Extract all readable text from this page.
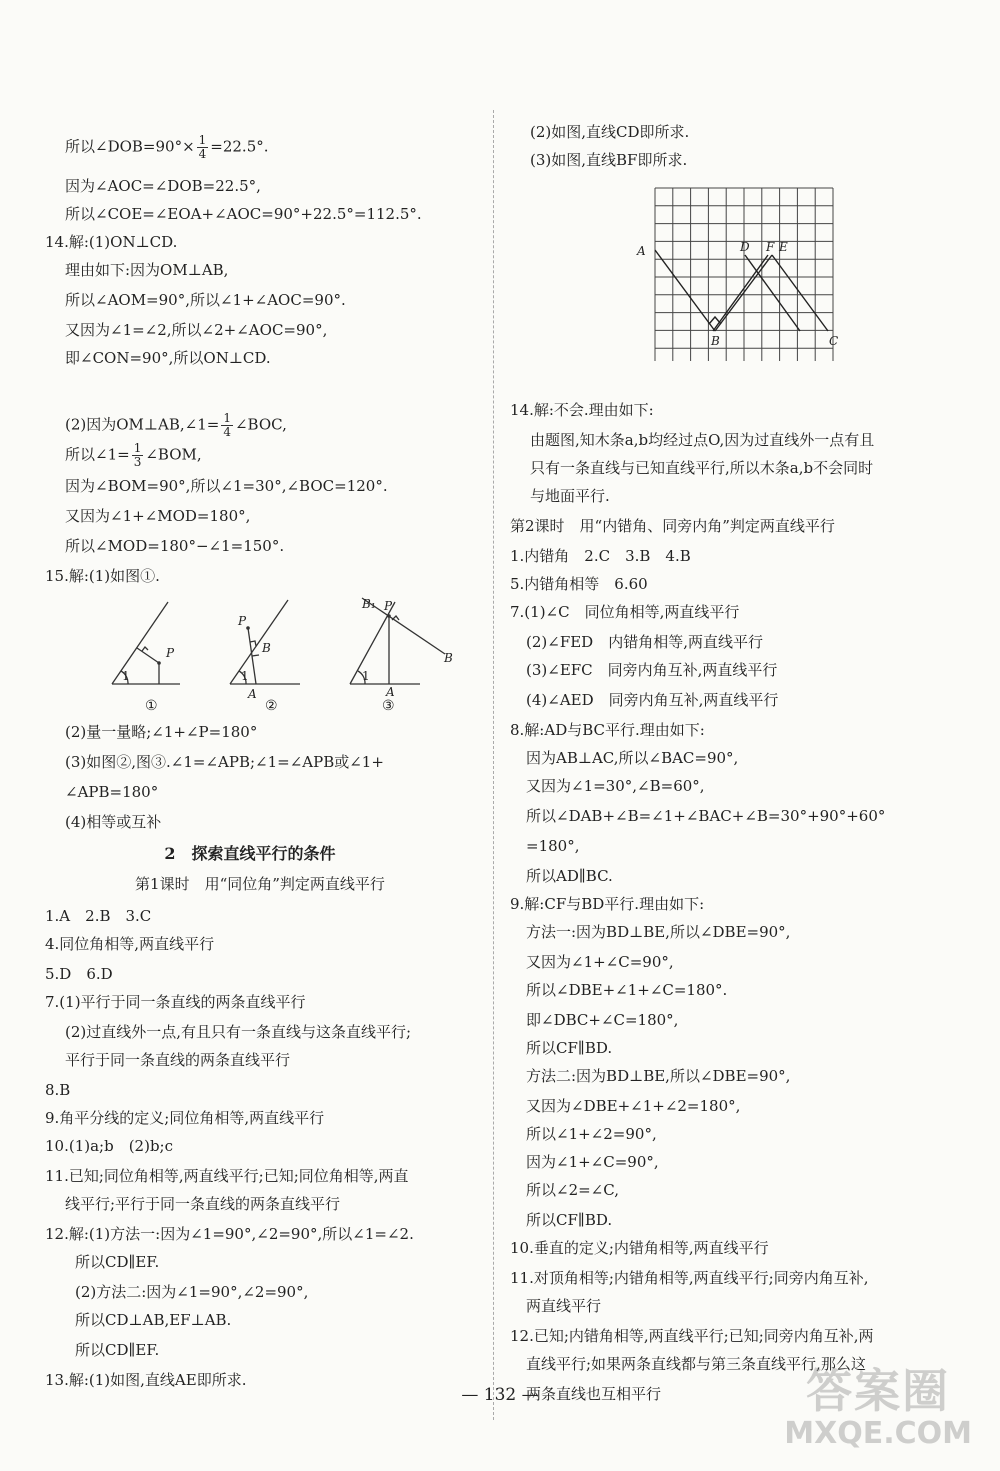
所以∠DOB=90°× $\frac{1}{4} =22.5^\circ$.
因为∠AOC=∠DOB=22.5°,
所以∠COE=∠EOA+∠AOC=90°+22.5°=112.5°.
14.解:(1)ON⊥CD.
理由如下:因为OM⊥AB,
所以∠AOM=90°,所以∠1+∠AOC=90°.
又因为∠1=∠2,所以∠2+∠AOC=90°,
即∠CON=90°,所以ON⊥CD.
(2)因为OM⊥AB,∠1= $\frac{1}{4}$ ∠BOC,
所以∠1= $\frac{1}{3}$ ∠BOM,
因为∠BOM=90°,所以∠1=30°,∠BOC=120°.
又因为∠1+∠MOD=180°,
所以∠MOD=180°−∠1=150°.
15.解:(1)如图①.
P
1
①
P
B
1
A
②
B₁ P
B
1
A
③
(2)量一量略;∠1+∠P=180°
(3)如图②,图③.∠1=∠APB;∠1=∠APB或∠1+
∠APB=180°
(4)相等或互补
2　探索直线平行的条件
第1课时　用“同位角”判定两直线平行
1.A　2.B　3.C
4.同位角相等,两直线平行
5.D　6.D
7.(1)平行于同一条直线的两条直线平行
(2)过直线外一点,有且只有一条直线与这条直线平行;
平行于同一条直线的两条直线平行
8.B
9.角平分线的定义;同位角相等,两直线平行
10.(1)a;b　(2)b;c
11.已知;同位角相等,两直线平行;已知;同位角相等,两直
线平行;平行于同一条直线的两条直线平行
12.解:(1)方法一:因为∠1=90°,∠2=90°,所以∠1=∠2.
所以CD∥EF.
(2)方法二:因为∠1=90°,∠2=90°,
所以CD⊥AB,EF⊥AB.
所以CD∥EF.
13.解:(1)如图,直线AE即所求.
(2)如图,直线CD即所求.
(3)如图,直线BF即所求.
A	D F E
B	C
14.解:不会.理由如下:
由题图,知木条a,b均经过点O,因为过直线外一点有且
只有一条直线与已知直线平行,所以木条a,b不会同时
与地面平行.
第2课时　用“内错角、同旁内角”判定两直线平行
1.内错角　2.C　3.B　4.B
5.内错角相等　6.60
7.(1)∠C　同位角相等,两直线平行
(2)∠FED　内错角相等,两直线平行
(3)∠EFC　同旁内角互补,两直线平行
(4)∠AED　同旁内角互补,两直线平行
8.解:AD与BC平行.理由如下:
因为AB⊥AC,所以∠BAC=90°,
又因为∠1=30°,∠B=60°,
所以∠DAB+∠B=∠1+∠BAC+∠B=30°+90°+60°
=180°,
所以AD∥BC.
9.解:CF与BD平行.理由如下:
方法一:因为BD⊥BE,所以∠DBE=90°,
又因为∠1+∠C=90°,
所以∠DBE+∠1+∠C=180°.
即∠DBC+∠C=180°,
所以CF∥BD.
方法二:因为BD⊥BE,所以∠DBE=90°,
又因为∠DBE+∠1+∠2=180°,
所以∠1+∠2=90°,
因为∠1+∠C=90°,
所以∠2=∠C,
所以CF∥BD.
10.垂直的定义;内错角相等,两直线平行
11.对顶角相等;内错角相等,两直线平行;同旁内角互补,
两直线平行
12.已知;内错角相等,两直线平行;已知;同旁内角互补,两
直线平行;如果两条直线都与第三条直线平行,那么这
两条直线也互相平行
— 132 —	答案圈
MXQE.COM
